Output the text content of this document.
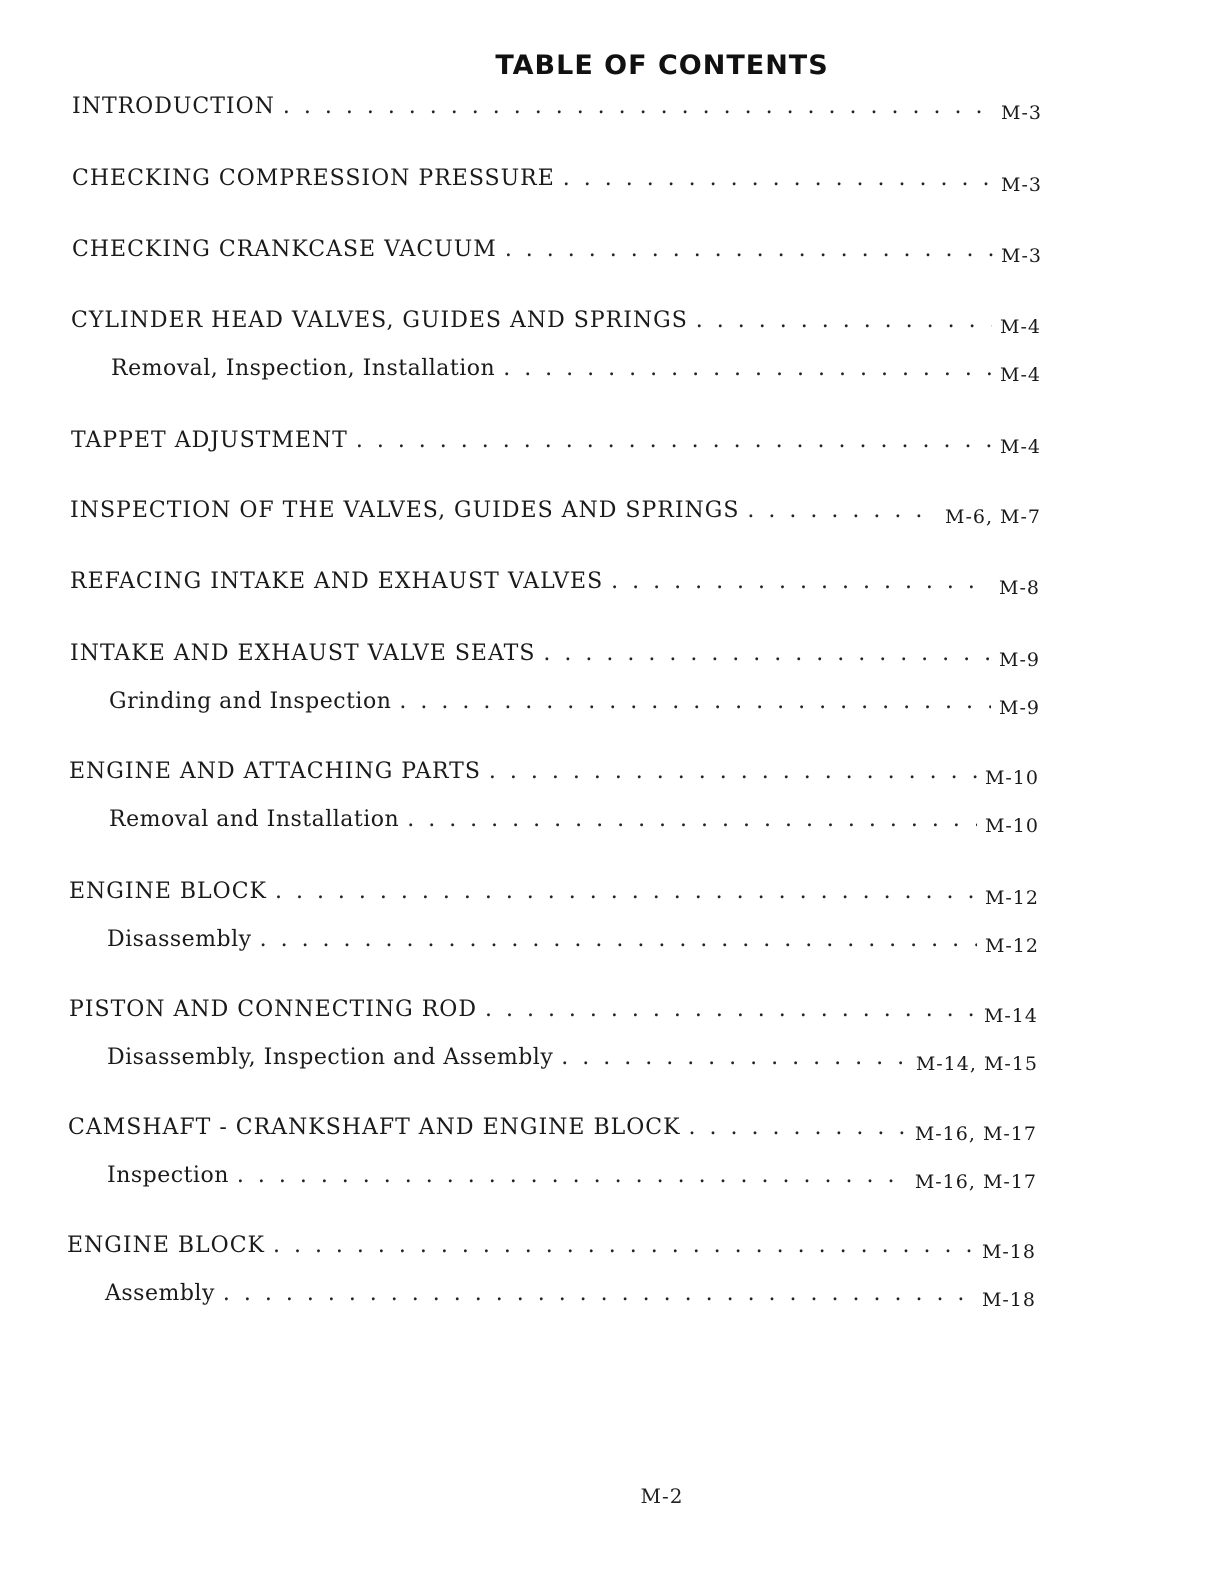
TABLE OF CONTENTS
INTRODUCTION . . .	M-3
CHECKING COMPRESSION PRESSURE . . .	M-3
CHECKING CRANKCASE VACUUM . . .	M-3
CYLINDER HEAD VALVES, GUIDES AND SPRINGS . . .	M-4
Removal, Inspection, Installation . . .	M-4
TAPPET ADJUSTMENT . . .	M-4
INSPECTION OF THE VALVES, GUIDES AND SPRINGS . . .	M-6, M-7
REFACING INTAKE AND EXHAUST VALVES . . .	M-8
INTAKE AND EXHAUST VALVE SEATS . . .	M-9
Grinding and Inspection . . .	M-9
ENGINE AND ATTACHING PARTS . . .	M-10
Removal and Installation . . .	M-10
ENGINE BLOCK . . .	M-12
Disassembly . . .	M-12
PISTON AND CONNECTING ROD . . .	M-14
Disassembly, Inspection and Assembly . . .	M-14, M-15
CAMSHAFT - CRANKSHAFT AND ENGINE BLOCK . . .	M-16, M-17
Inspection . . .	M-16, M-17
ENGINE BLOCK . . .	M-18
Assembly . . .	M-18
M-2
